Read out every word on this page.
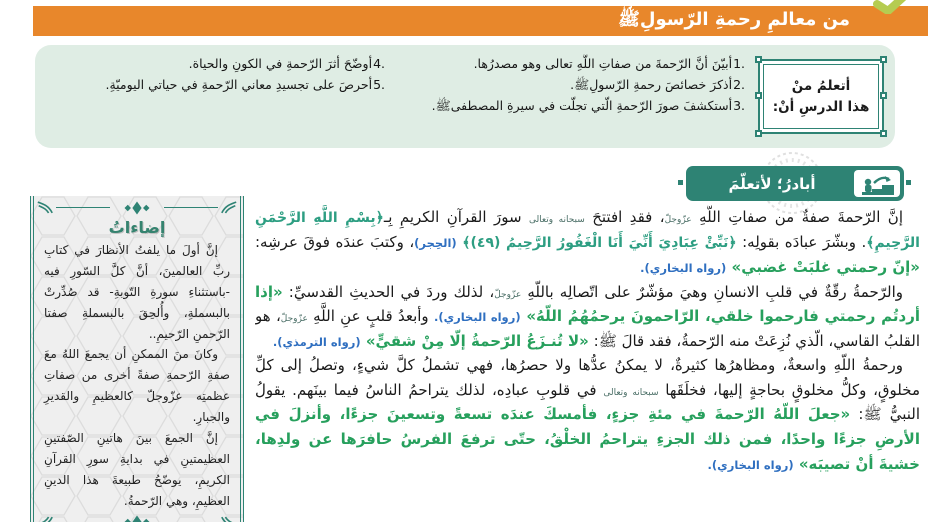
من معالمِ رحمةِ الرّسولِﷺ
أتعلمُ منْ
هذا الدرسِ أنْ:
1.أبيّنَ أنَّ الرّحمةَ من صفاتِ اللَّهِ تعالى وهو مصدرُها.
2.أذكرَ خصائصَ رحمةِ الرّسولِﷺ.
3.أستكشفَ صورَ الرّحمةِ الّتي تجلّت في سيرةِ المصطفىﷺ.
4.أوضّحَ أثرَ الرّحمةِ في الكونِ والحياة.
5.أحرصَ على تجسيدِ معاني الرّحمةِ في حياتي اليوميّةِ.
أبادرُ؛ لأتعلّمَ
إضاءاتُ

إنَّ أولَ ما يلفتُ الأنظارَ في كتابِ ربِّ العالمينَ، أنَّ كلَّ السّورِ فيه -باستثناءِ سورةِ التّوبةِ- قد صُدِّرتْ بالبسملةِ، وأُلحِقَ بالبسملةِ صفتا الرّحمنِ الرّحيمِ..

وكانَ منَ الممكنِ أن يجمعَ اللهُ معَ صفةِ الرّحمةِ صفةً أخرى من صفاتِ عظمتِه عزّوجلّ كالعظيمِ والقديرِ والجبارِ.

إنَّ الجمعَ بينَ هاتينِ الصّفتينِ العظيمتينِ في بدايةِ سورِ القرآنِ الكريمِ، يوضّحُ طبيعةَ هذا الدينِ العظيمِ، وهي الرّحمةُ.

إنَّ الرّحمةَ صفةٌ من صفاتِ اللَّهِ عزّوجلّ، فقدِ افتتحَ سبحانه وتعالى سورَ القرآنِ الكريمِ بِـ﴿بِسْمِ اللَّهِ الرَّحْمَنِ الرَّحِيمِ﴾. وبشّرَ عبادَه بقولِه: ﴿نَبِّئْ عِبَادِيَ أَنِّيَ أَنَا الْغَفُورُ الرَّحِيمُ (٤٩)﴾ (الحِجر)، وكتبَ عندَه فوقَ عرشِه: «إنّ رحمتي غلبَتْ غضبي» (رواه البخاري).

والرّحمةُ رقّةٌ في قلبِ الانسانِ وهيَ مؤشّرٌ على اتّصالِه باللّهِ عزّوجلّ، لذلك وردَ في الحديثِ القدسيِّ: «إذا أردتُم رحمتي فارحموا خلقي، الرّاحمونَ يرحمُهُمُ اللّهُ» (رواه البخاري). وأبعدُ قلبٍ عنِ اللَّهِ عزّوجلّ، هو القلبُ القاسي، الّذي نُزِعَتْ منه الرّحمةُ، فقد قالَ ﷺ: «لا تُنـزَعُ الرّحمةُ إلّا مِنْ شقيٍّ» (رواه الترمذي).

ورحمةُ اللّهِ واسعةٌ، ومظاهرُها كثيرةٌ، لا يمكنُ عدُّها ولا حصرُها، فهي تشملُ كلَّ شيءٍ، وتصلُ إلى كلِّ مخلوقٍ، وكلُّ مخلوقٍ بحاجةٍ إليها، فخلَقَها سبحانه وتعالى في قلوبِ عبادِه، لذلك يتراحمُ الناسُ فيما بينَهم. يقولُ النبيُّ ﷺ: «جعلَ اللّهُ الرّحمةَ في مئةِ جزءٍ، فأمسكَ عندَه تسعةً وتسعينَ جزءًا، وأنزلَ في الأرضِ جزءًا واحدًا، فمن ذلك الجزءِ يتراحمُ الخلْقُ، حتّى ترفعَ الفرسُ حافرَها عن ولدِها، خشيةَ أنْ تصيبَه» (رواه البخاري).
